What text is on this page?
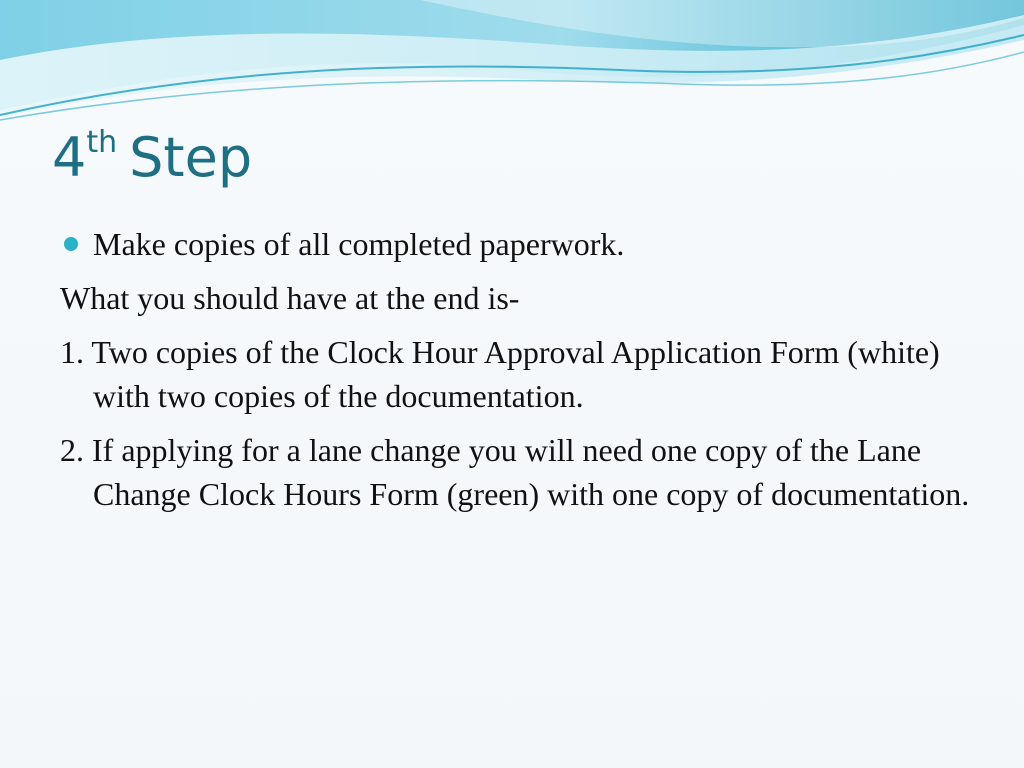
4th Step

Make copies of all completed paperwork.

What you should have at the end is-

1. Two copies of the Clock Hour Approval Application Form (white) with two copies of the documentation.

2. If applying for a lane change you will need one copy of the Lane Change Clock Hours Form (green) with one copy of documentation.
